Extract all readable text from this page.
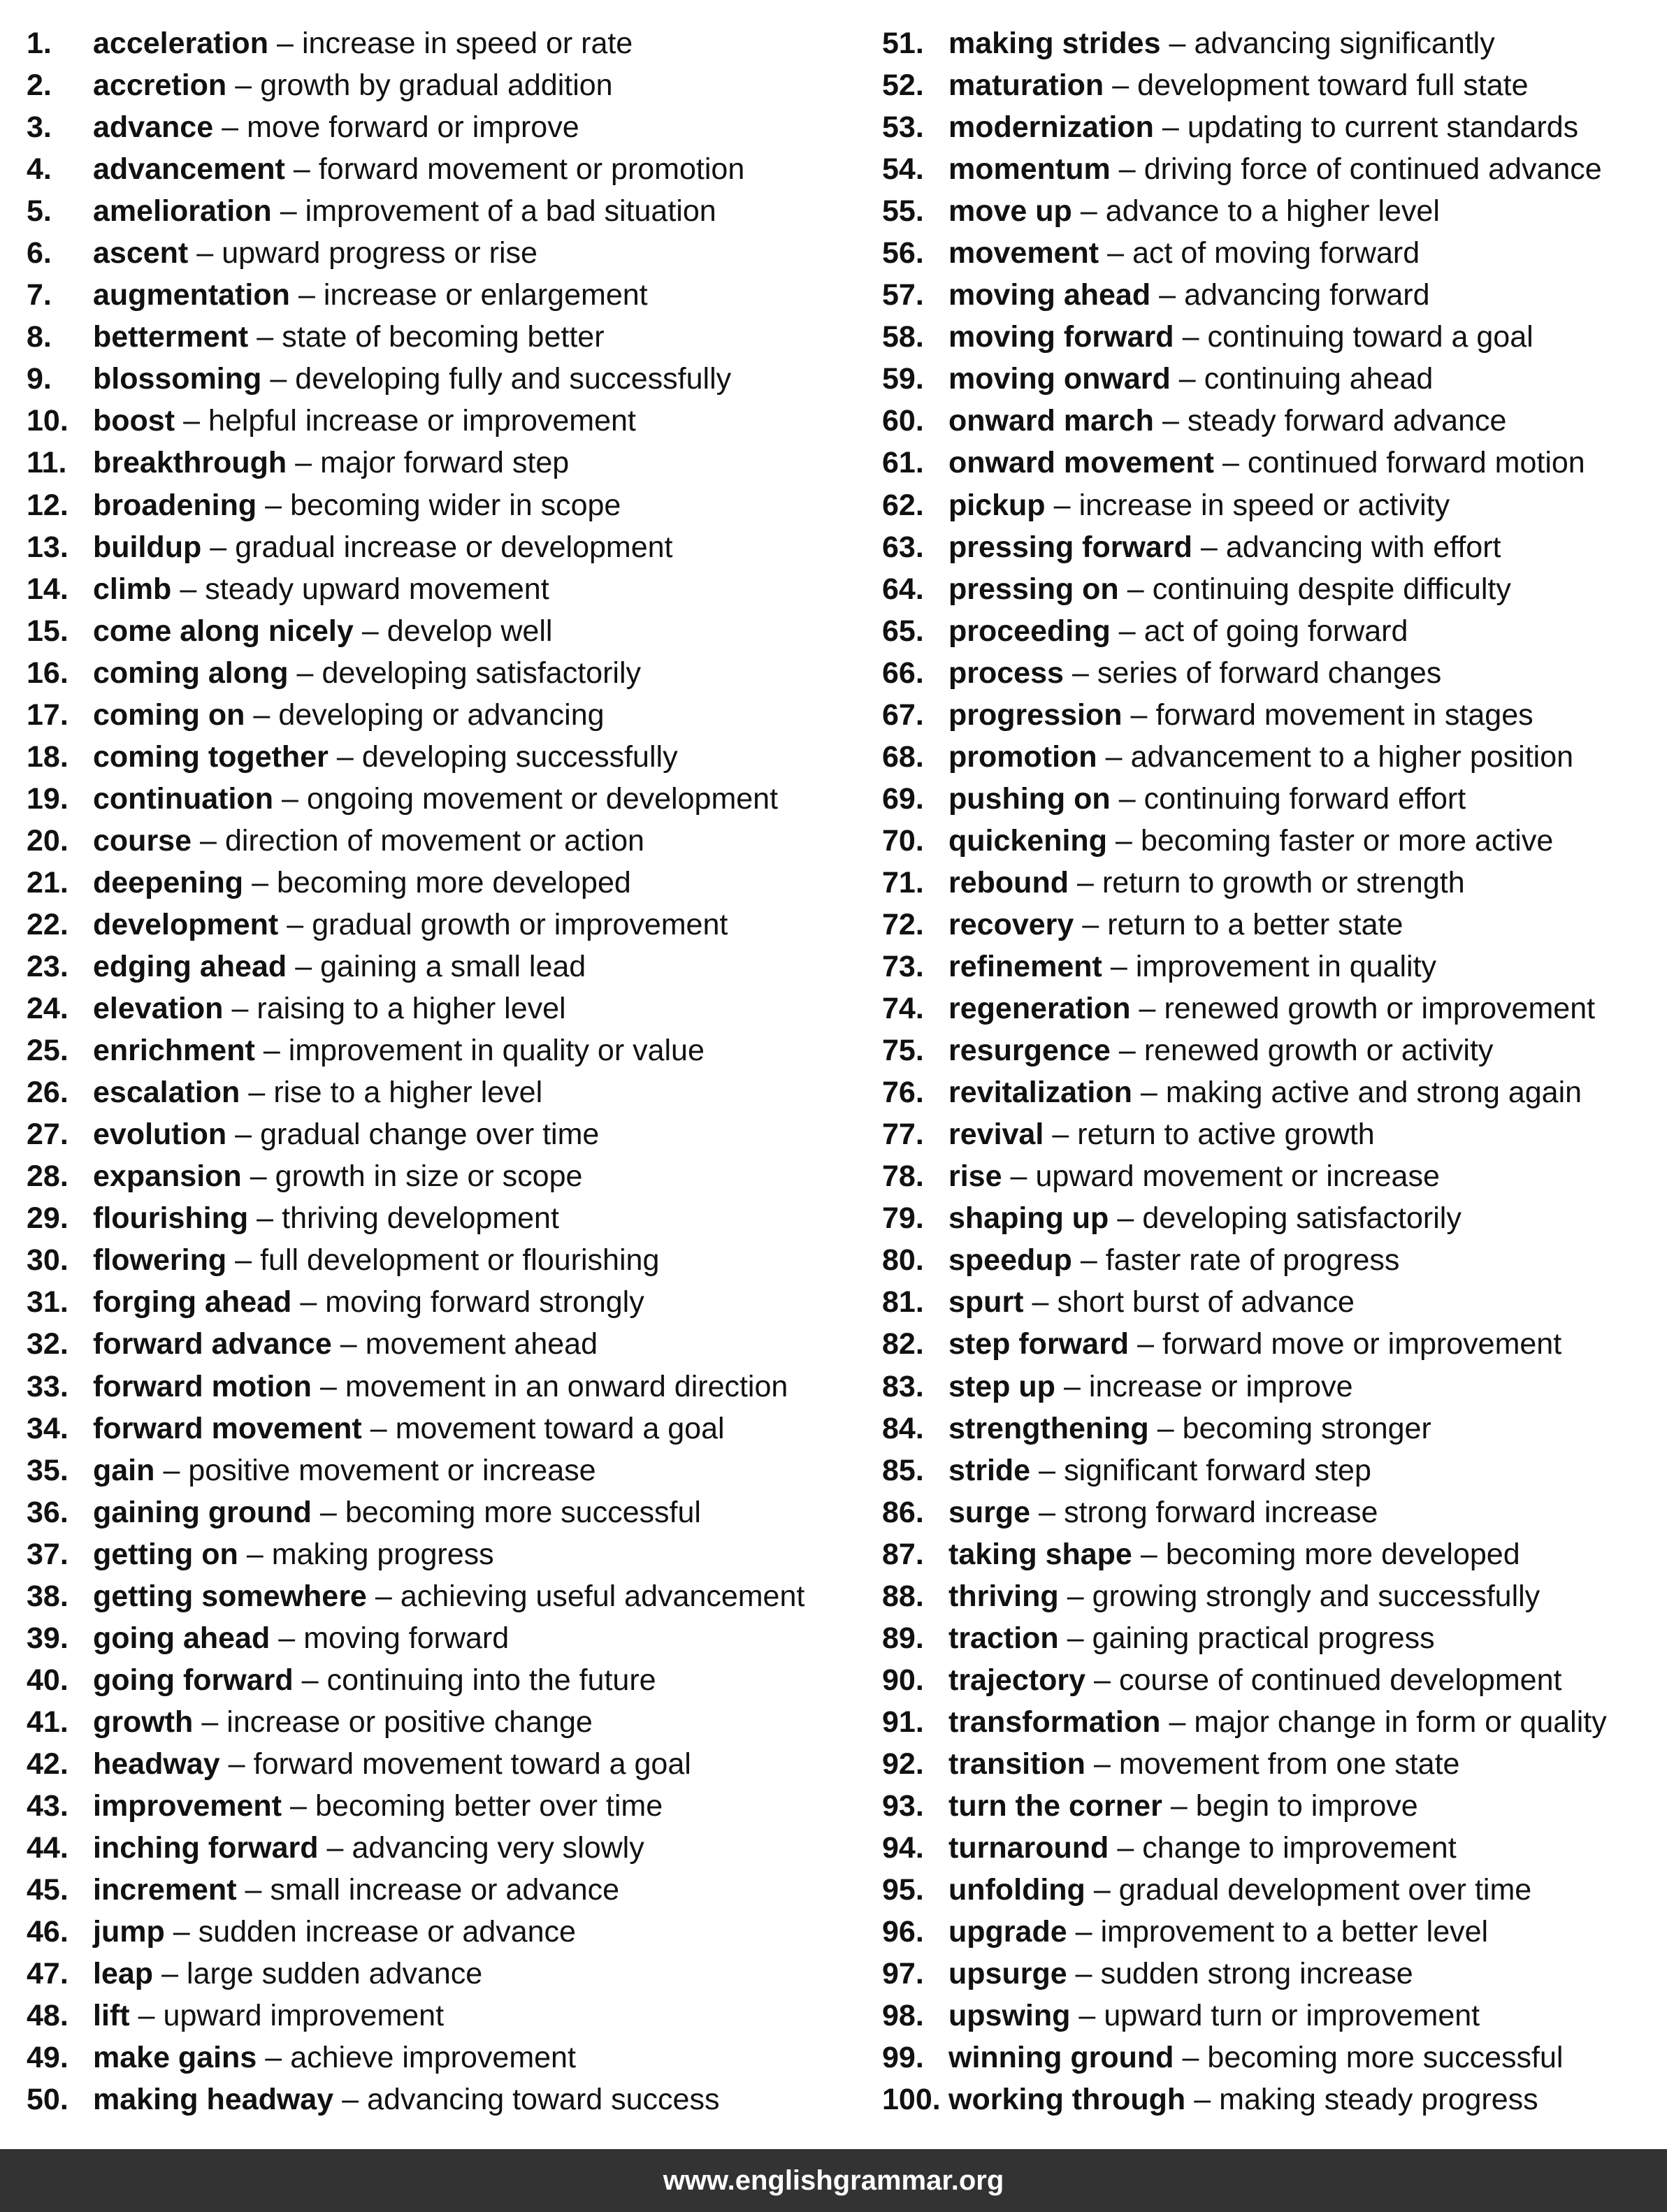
1.	acceleration – increase in speed or rate
2.	accretion – growth by gradual addition
3.	advance – move forward or improve
4.	advancement – forward movement or promotion
5.	amelioration – improvement of a bad situation
6.	ascent – upward progress or rise
7.	augmentation – increase or enlargement
8.	betterment – state of becoming better
9.	blossoming – developing fully and successfully
10. boost – helpful increase or improvement
11. breakthrough – major forward step
12. broadening – becoming wider in scope
13. buildup – gradual increase or development
14. climb – steady upward movement
15. come along nicely – develop well
16. coming along – developing satisfactorily
17. coming on – developing or advancing
18. coming together – developing successfully
19. continuation – ongoing movement or development
20. course – direction of movement or action
21. deepening – becoming more developed
22. development – gradual growth or improvement
23. edging ahead – gaining a small lead
24. elevation – raising to a higher level
25. enrichment – improvement in quality or value
26. escalation – rise to a higher level
27. evolution – gradual change over time
28. expansion – growth in size or scope
29. flourishing – thriving development
30. flowering – full development or flourishing
31. forging ahead – moving forward strongly
32. forward advance – movement ahead
33. forward motion – movement in an onward direction
34. forward movement – movement toward a goal
35. gain – positive movement or increase
36. gaining ground – becoming more successful
37. getting on – making progress
38. getting somewhere – achieving useful advancement
39. going ahead – moving forward
40. going forward – continuing into the future
41. growth – increase or positive change
42. headway – forward movement toward a goal
43. improvement – becoming better over time
44. inching forward – advancing very slowly
45. increment – small increase or advance
46. jump – sudden increase or advance
47. leap – large sudden advance
48. lift – upward improvement
49. make gains – achieve improvement
50. making headway – advancing toward success
51. making strides – advancing significantly
52. maturation – development toward full state
53. modernization – updating to current standards
54. momentum – driving force of continued advance
55. move up – advance to a higher level
56. movement – act of moving forward
57. moving ahead – advancing forward
58. moving forward – continuing toward a goal
59. moving onward – continuing ahead
60. onward march – steady forward advance
61. onward movement – continued forward motion
62. pickup – increase in speed or activity
63. pressing forward – advancing with effort
64. pressing on – continuing despite difficulty
65. proceeding – act of going forward
66. process – series of forward changes
67. progression – forward movement in stages
68. promotion – advancement to a higher position
69. pushing on – continuing forward effort
70. quickening – becoming faster or more active
71. rebound – return to growth or strength
72. recovery – return to a better state
73. refinement – improvement in quality
74. regeneration – renewed growth or improvement
75. resurgence – renewed growth or activity
76. revitalization – making active and strong again
77. revival – return to active growth
78. rise – upward movement or increase
79. shaping up – developing satisfactorily
80. speedup – faster rate of progress
81. spurt – short burst of advance
82. step forward – forward move or improvement
83. step up – increase or improve
84. strengthening – becoming stronger
85. stride – significant forward step
86. surge – strong forward increase
87. taking shape – becoming more developed
88. thriving – growing strongly and successfully
89. traction – gaining practical progress
90. trajectory – course of continued development
91. transformation – major change in form or quality
92. transition – movement from one state
93. turn the corner – begin to improve
94. turnaround – change to improvement
95. unfolding – gradual development over time
96. upgrade – improvement to a better level
97. upsurge – sudden strong increase
98. upswing – upward turn or improvement
99. winning ground – becoming more successful
100. working through – making steady progress
www.englishgrammar.org
